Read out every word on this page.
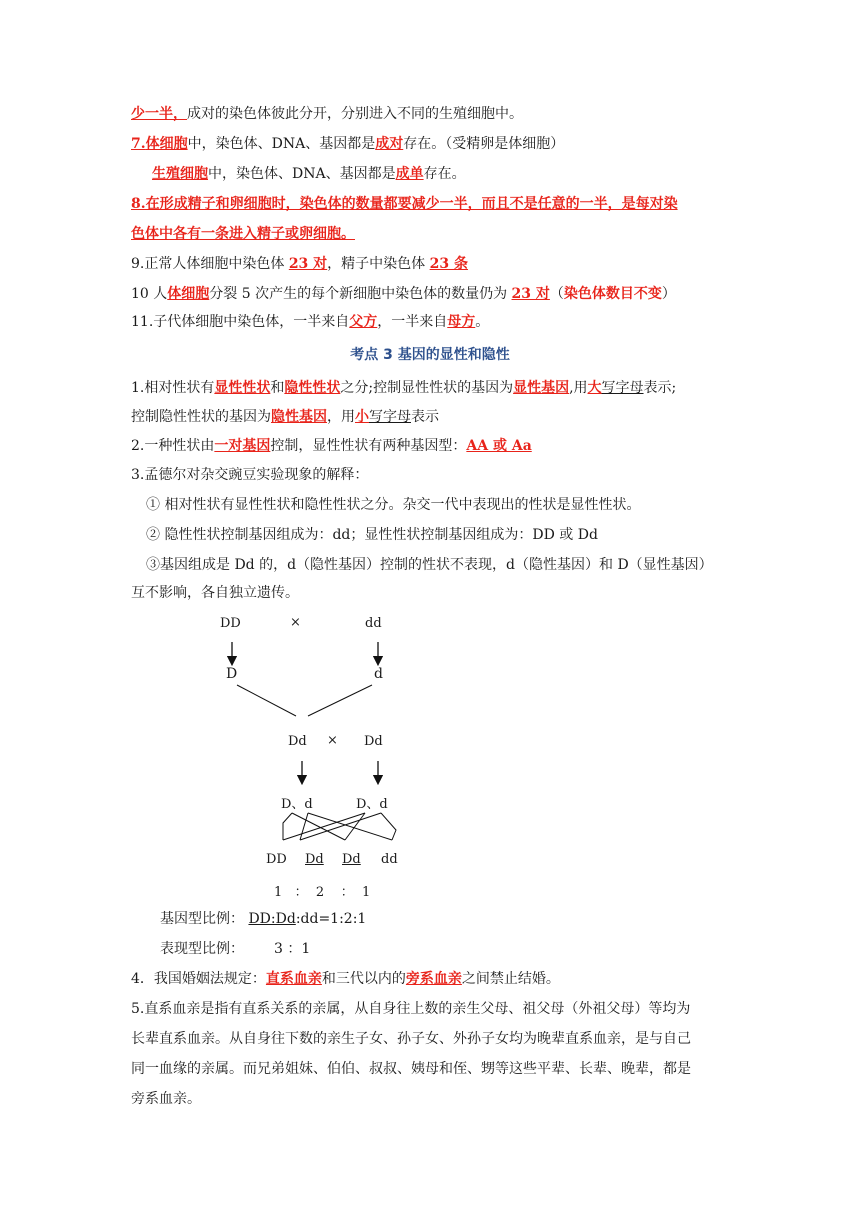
少一半，成对的染色体彼此分开，分别进入不同的生殖细胞中。
7.体细胞中，染色体、DNA、基因都是成对存在。（受精卵是体细胞）
生殖细胞中，染色体、DNA、基因都是成单存在。
8.在形成精子和卵细胞时，染色体的数量都要减少一半，而且不是任意的一半，是每对染
色体中各有一条进入精子或卵细胞。
9.正常人体细胞中染色体 23 对，精子中染色体 23 条
10 人体细胞分裂 5 次产生的每个新细胞中染色体的数量仍为 23 对（染色体数目不变）
11.子代体细胞中染色体，一半来自父方，一半来自母方。
考点 3 基因的显性和隐性
1.相对性状有显性性状和隐性性状之分;控制显性性状的基因为显性基因,用大写字母表示;
控制隐性性状的基因为隐性基因，用小写字母表示
2.一种性状由一对基因控制，显性性状有两种基因型：AA 或 Aa
3.孟德尔对杂交豌豆实验现象的解释：
① 相对性状有显性性状和隐性性状之分。杂交一代中表现出的性状是显性性状。
② 隐性性状控制基因组成为：dd；显性性状控制基因组成为：DD 或 Dd
③基因组成是 Dd 的，d（隐性基因）控制的性状不表现，d（隐性基因）和 D（显性基因）
互不影响，各自独立遗传。
DD	×	dd
D	d
Dd × Dd
D、d	D、d
DD Dd Dd dd
1   ：  2    ：  1
基因型比例： DD:Dd:dd=1:2:1
表现型比例： 3 ：1
4．我国婚姻法规定：直系血亲和三代以内的旁系血亲之间禁止结婚。
5.直系血亲是指有直系关系的亲属，从自身往上数的亲生父母、祖父母（外祖父母）等均为
长辈直系血亲。从自身往下数的亲生子女、孙子女、外孙子女均为晚辈直系血亲，是与自己
同一血缘的亲属。而兄弟姐妹、伯伯、叔叔、姨母和侄、甥等这些平辈、长辈、晚辈，都是
旁系血亲。
